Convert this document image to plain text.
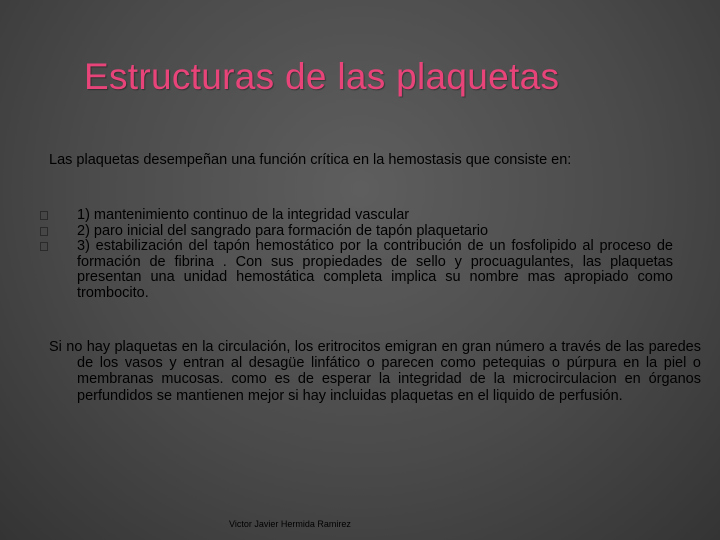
Estructuras de las plaquetas

Las plaquetas desempeñan una función crítica en la hemostasis que consiste en:

1) mantenimiento continuo de la integridad vascular
2) paro inicial del sangrado para formación de tapón plaquetario
3) estabilización del tapón hemostático por la contribución de un fosfolipido al proceso de formación de fibrina . Con sus propiedades de sello y procuagulantes, las plaquetas presentan una unidad hemostática completa implica su nombre mas apropiado como trombocito.

Si no hay plaquetas en la circulación, los eritrocitos emigran en gran número a través de las paredes de los vasos y entran al desagüe linfático o parecen como petequias o púrpura en la piel o membranas mucosas. como es de esperar la integridad de la microcirculacion en órganos perfundidos se mantienen mejor si hay incluidas plaquetas en el liquido de perfusión.

Victor Javier Hermida Ramirez
